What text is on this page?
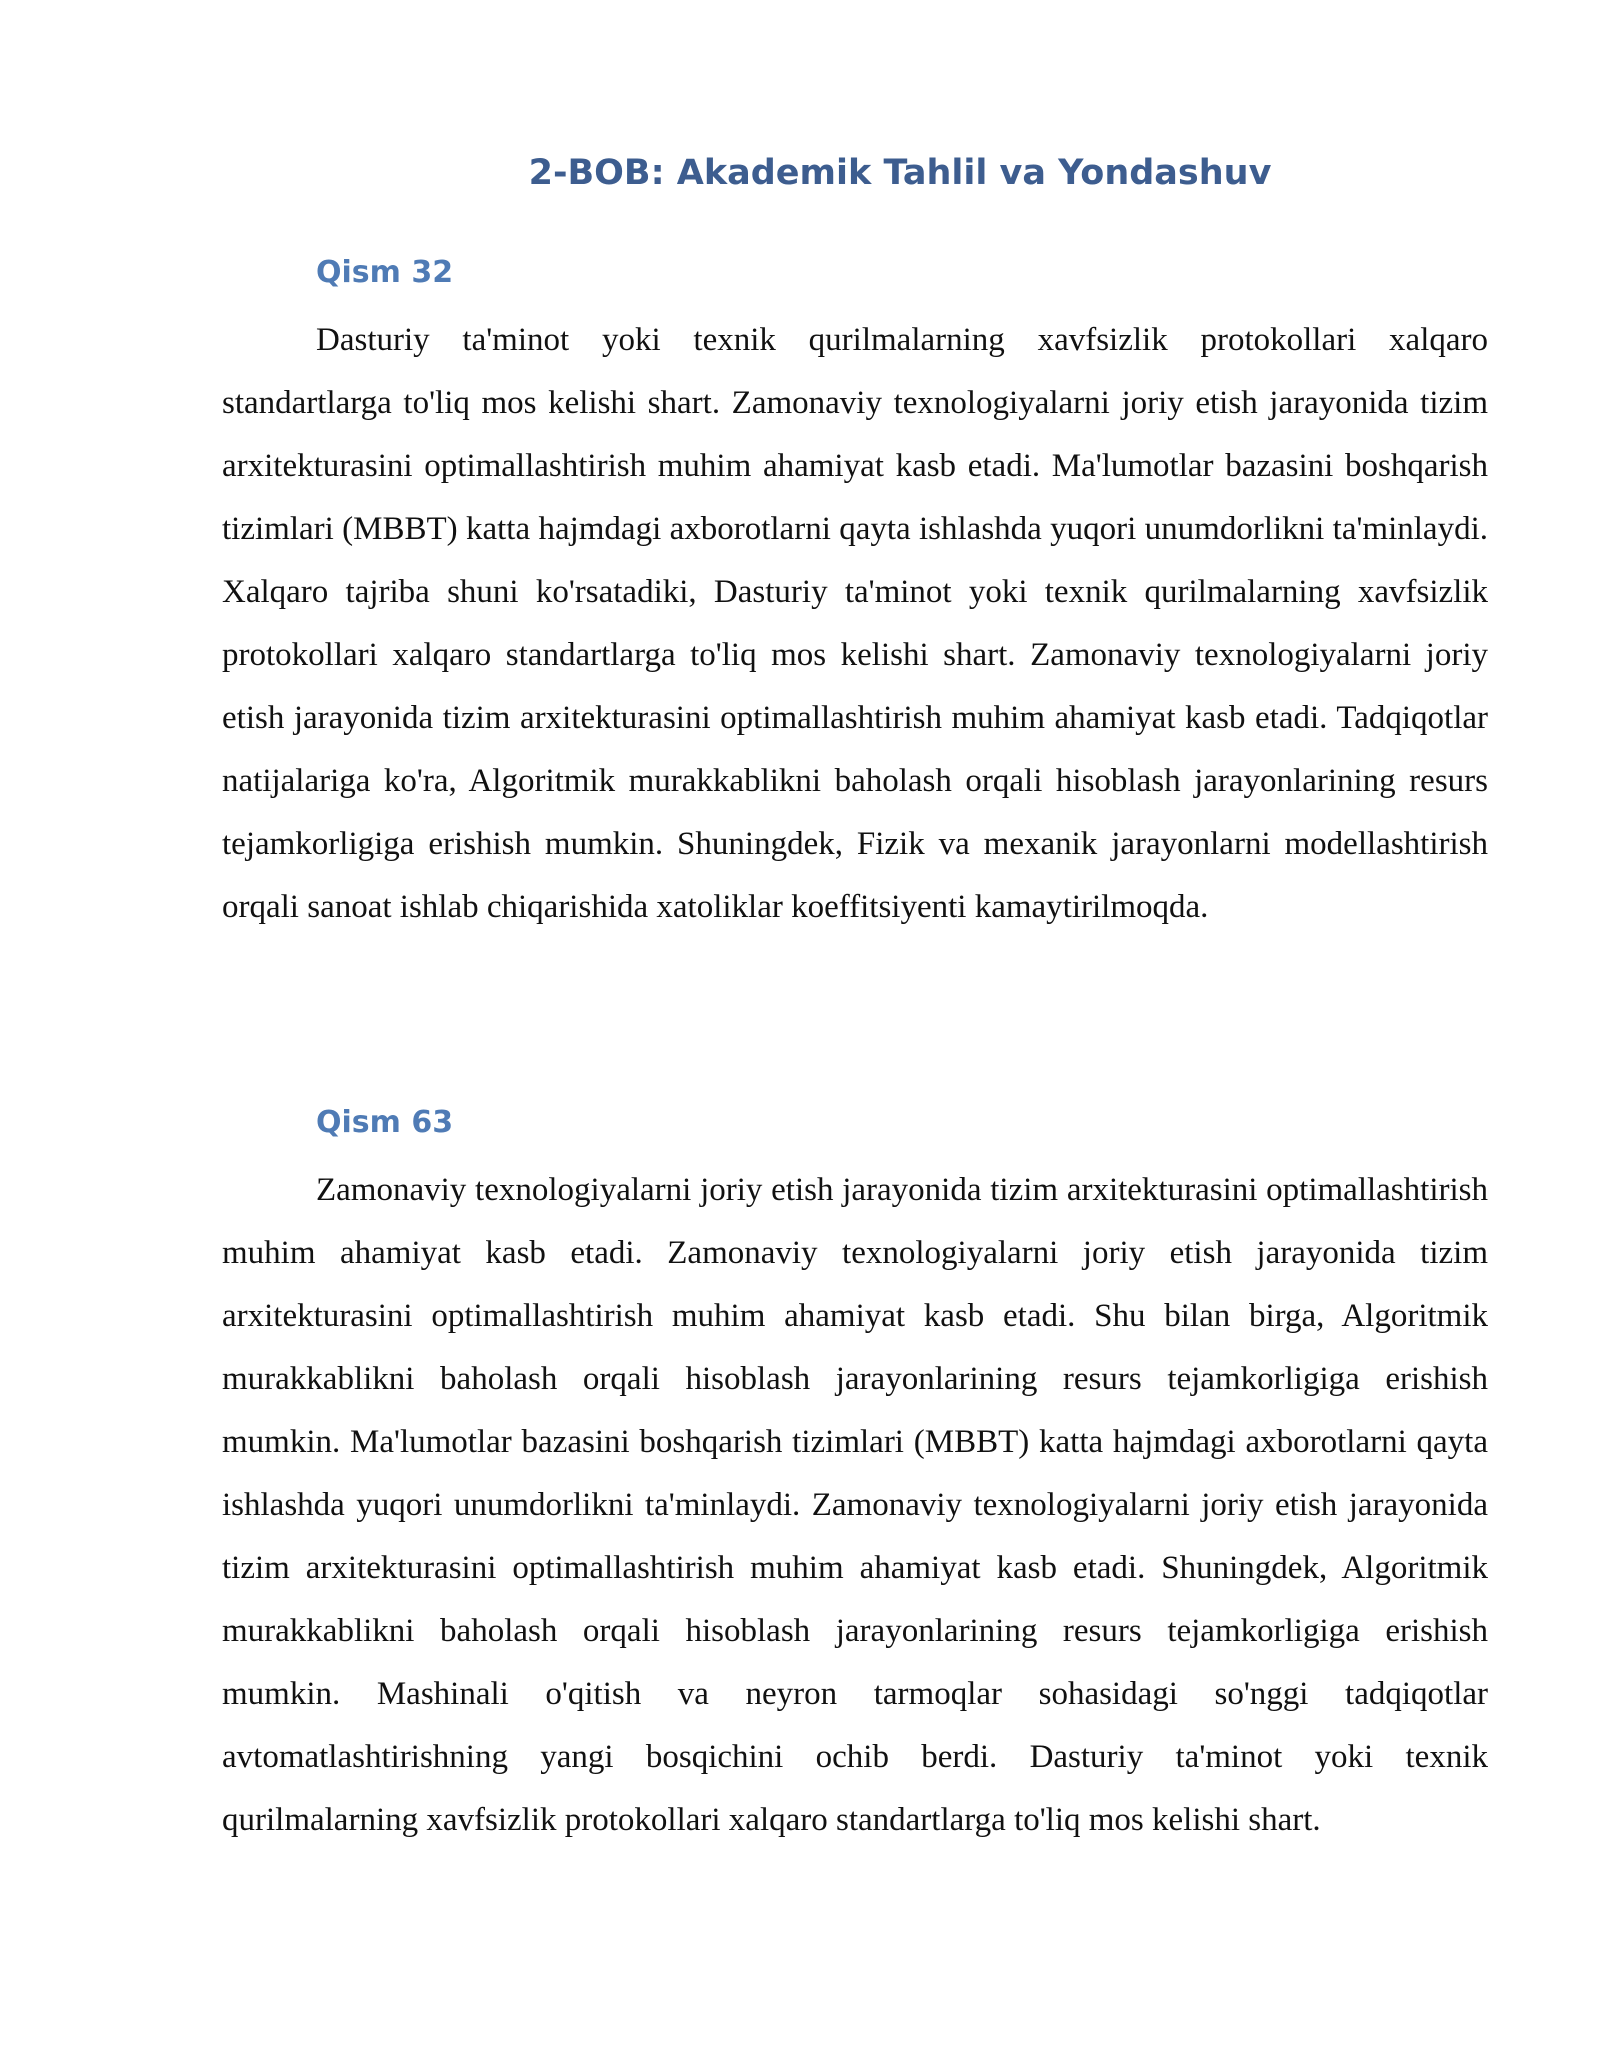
2-BOB: Akademik Tahlil va Yondashuv
Qism 32

Dasturiy ta'minot yoki texnik qurilmalarning xavfsizlik protokollari xalqaro standartlarga to'liq mos kelishi shart. Zamonaviy texnologiyalarni joriy etish jarayonida tizim arxitekturasini optimallashtirish muhim ahamiyat kasb etadi. Ma'lumotlar bazasini boshqarish tizimlari (MBBT) katta hajmdagi axborotlarni qayta ishlashda yuqori unumdorlikni ta'minlaydi. Xalqaro tajriba shuni ko'rsatadiki, Dasturiy ta'minot yoki texnik qurilmalarning xavfsizlik protokollari xalqaro standartlarga to'liq mos kelishi shart. Zamonaviy texnologiyalarni joriy etish jarayonida tizim arxitekturasini optimallashtirish muhim ahamiyat kasb etadi. Tadqiqotlar natijalariga ko'ra, Algoritmik murakkablikni baholash orqali hisoblash jarayonlarining resurs tejamkorligiga erishish mumkin. Shuningdek, Fizik va mexanik jarayonlarni modellashtirish orqali sanoat ishlab chiqarishida xatoliklar koeffitsiyenti kamaytirilmoqda.

Qism 63

Zamonaviy texnologiyalarni joriy etish jarayonida tizim arxitekturasini optimallashtirish muhim ahamiyat kasb etadi. Zamonaviy texnologiyalarni joriy etish jarayonida tizim arxitekturasini optimallashtirish muhim ahamiyat kasb etadi. Shu bilan birga, Algoritmik murakkablikni baholash orqali hisoblash jarayonlarining resurs tejamkorligiga erishish mumkin. Ma'lumotlar bazasini boshqarish tizimlari (MBBT) katta hajmdagi axborotlarni qayta ishlashda yuqori unumdorlikni ta'minlaydi. Zamonaviy texnologiyalarni joriy etish jarayonida tizim arxitekturasini optimallashtirish muhim ahamiyat kasb etadi. Shuningdek, Algoritmik murakkablikni baholash orqali hisoblash jarayonlarining resurs tejamkorligiga erishish mumkin. Mashinali o'qitish va neyron tarmoqlar sohasidagi so'nggi tadqiqotlar avtomatlashtirishning yangi bosqichini ochib berdi. Dasturiy ta'minot yoki texnik qurilmalarning xavfsizlik protokollari xalqaro standartlarga to'liq mos kelishi shart.
